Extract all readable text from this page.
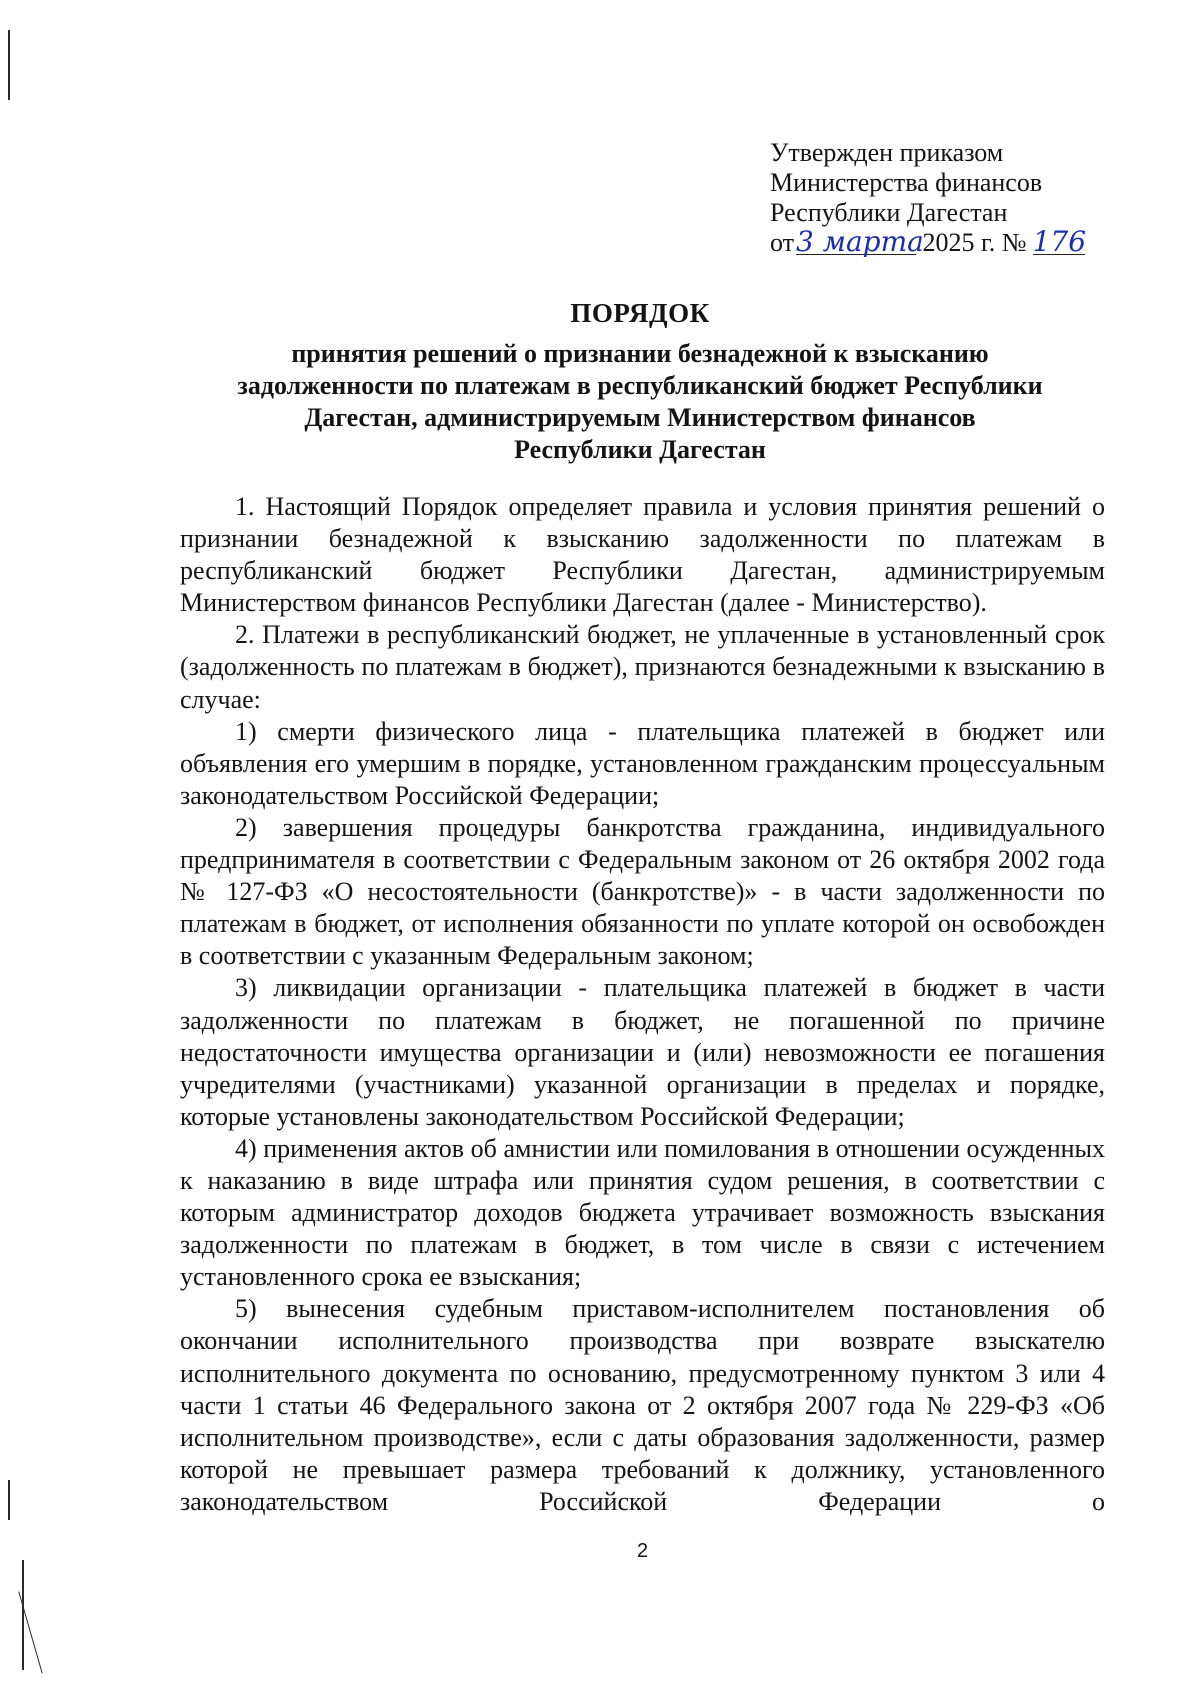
Утвержден приказом
Министерства финансов
Республики Дагестан
от3 марта 2025 г. № 176
ПОРЯДОК
принятия решений о признании безнадежной к взысканию
задолженности по платежам в республиканский бюджет Республики
Дагестан, администрируемым Министерством финансов
Республики Дагестан

1. Настоящий Порядок определяет правила и условия принятия решений о признании безнадежной к взысканию задолженности по платежам в республиканский бюджет Республики Дагестан, администрируемым Министерством финансов Республики Дагестан (далее - Министерство).

2. Платежи в республиканский бюджет, не уплаченные в установленный срок (задолженность по платежам в бюджет), признаются безнадежными к взысканию в случае:

1) смерти физического лица - плательщика платежей в бюджет или объявления его умершим в порядке, установленном гражданским процессуальным законодательством Российской Федерации;

2) завершения процедуры банкротства гражданина, индивидуального предпринимателя в соответствии с Федеральным законом от 26 октября 2002 года № 127-ФЗ «О несостоятельности (банкротстве)» - в части задолженности по платежам в бюджет, от исполнения обязанности по уплате которой он освобожден в соответствии с указанным Федеральным законом;

3) ликвидации организации - плательщика платежей в бюджет в части задолженности по платежам в бюджет, не погашенной по причине недостаточности имущества организации и (или) невозможности ее погашения учредителями (участниками) указанной организации в пределах и порядке, которые установлены законодательством Российской Федерации;

4) применения актов об амнистии или помилования в отношении осужденных к наказанию в виде штрафа или принятия судом решения, в соответствии с которым администратор доходов бюджета утрачивает возможность взыскания задолженности по платежам в бюджет, в том числе в связи с истечением установленного срока ее взыскания;

5) вынесения судебным приставом-исполнителем постановления об окончании исполнительного производства при возврате взыскателю исполнительного документа по основанию, предусмотренному пунктом 3 или 4 части 1 статьи 46 Федерального закона от 2 октября 2007 года № 229-ФЗ «Об исполнительном производстве», если с даты образования задолженности, размер которой не превышает размера требований к должнику, установленного законодательством Российской Федерации о

2
